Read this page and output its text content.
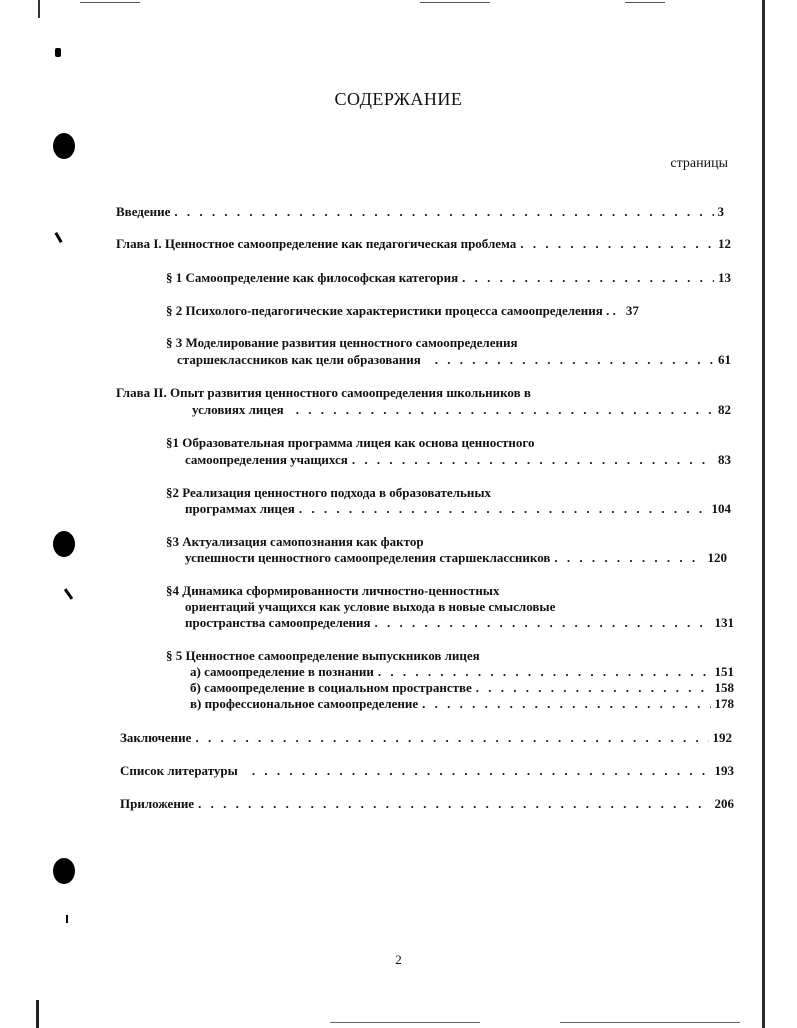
СОДЕРЖАНИЕ
страницы
Введение . . .	3
Глава I. Ценностное самоопределение как педагогическая проблема . . .	12
§ 1 Самоопределение как философская категория . . .	13
§ 2 Психолого-педагогические характеристики процесса самоопределения . . 37
§ 3 Моделирование развития ценностного самоопределения
старшеклассников как цели образования . . .	61
Глава II. Опыт развития ценностного самоопределения школьников в
условиях лицея . . .	82
§1 Образовательная программа лицея как основа ценностного
самоопределения учащихся . . .	83
§2 Реализация ценностного подхода в образовательных
программах лицея . . .	104
§3 Актуализация самопознания как фактор
успешности ценностного самоопределения старшеклассников . . .	120
§4 Динамика сформированности личностно-ценностных
ориентаций учащихся как условие выхода в новые смысловые
пространства самоопределения . . .	131
§ 5 Ценностное самоопределение выпускников лицея
а) самоопределение в познании . . .	151
б) самоопределение в социальном пространстве . . .	158
в) профессиональное самоопределение . . .	178
Заключение . . .	192
Список литературы . . .	193
Приложение . . .	206
2
